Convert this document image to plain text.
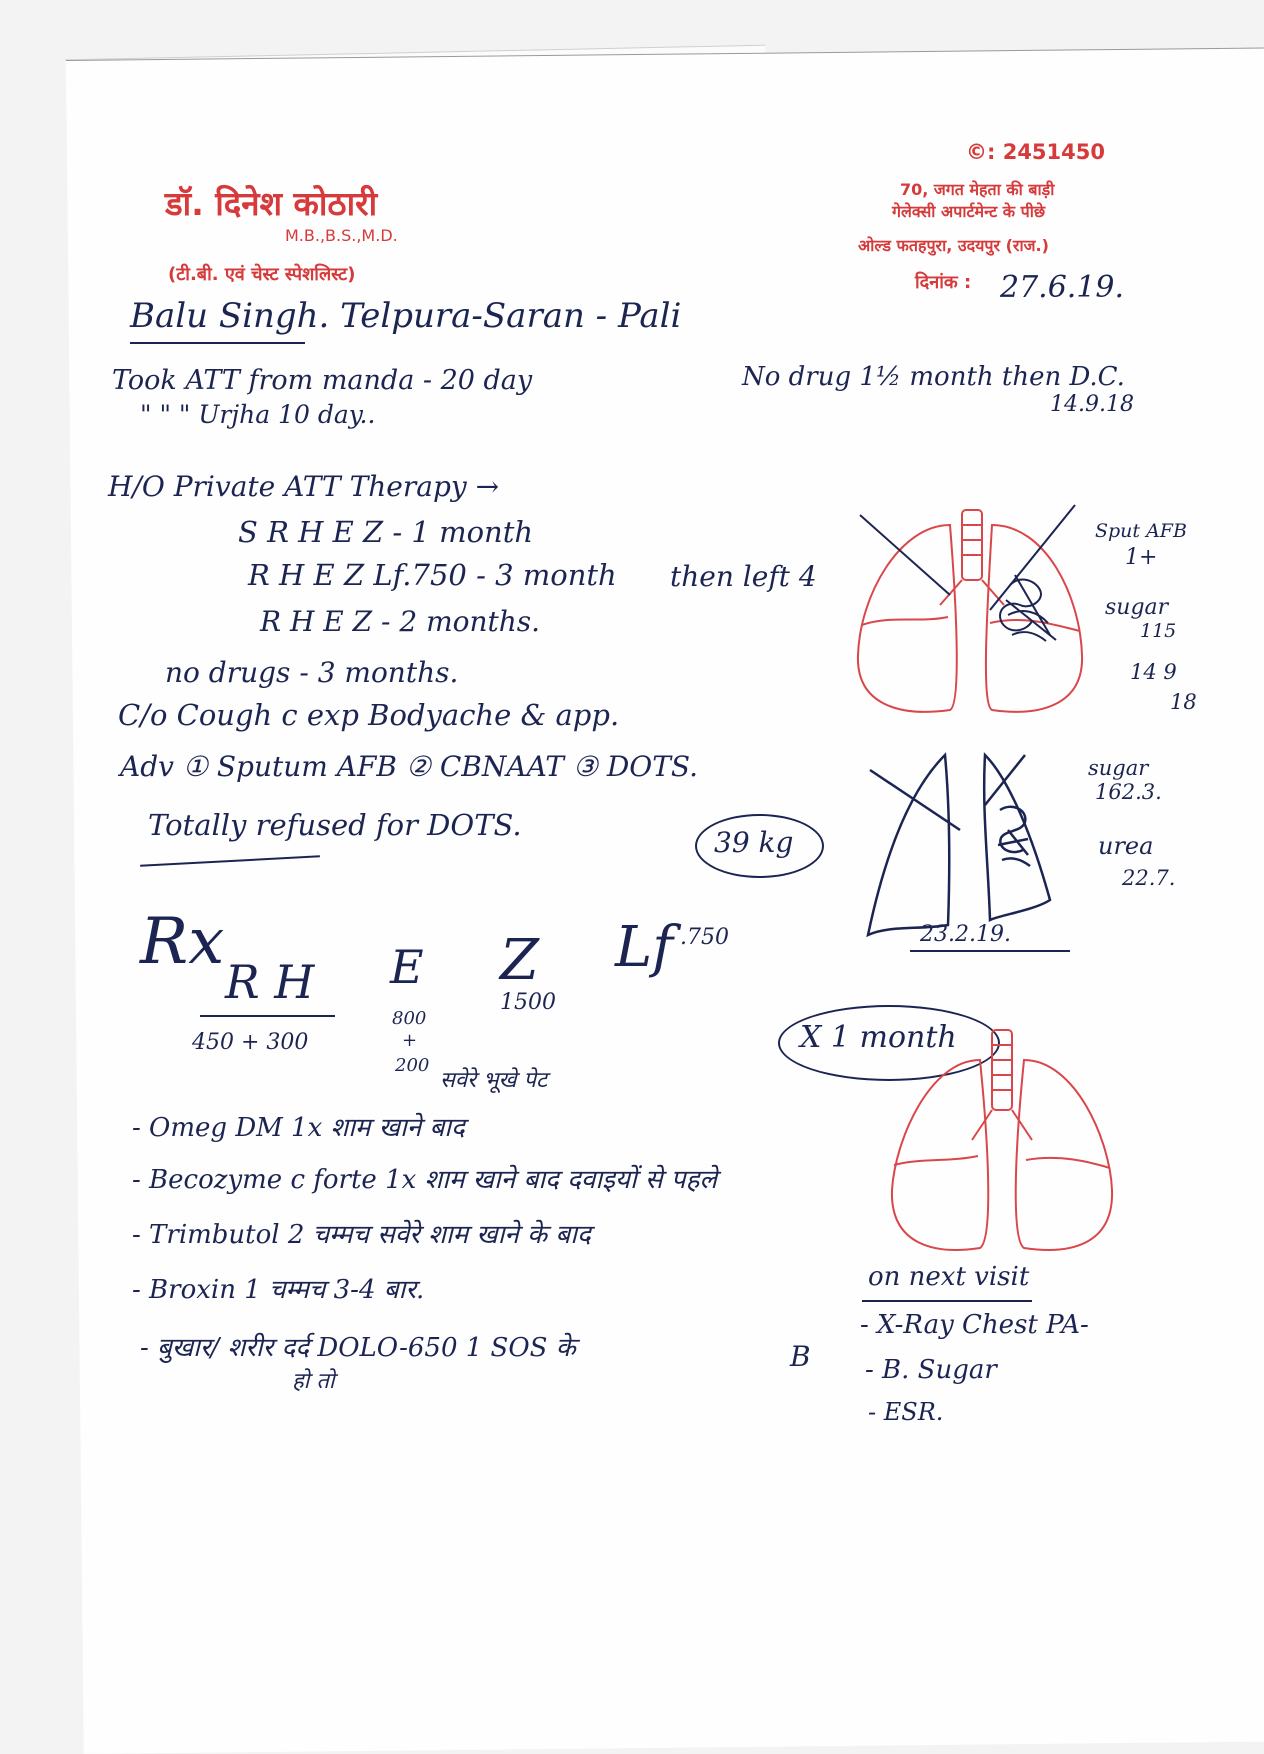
डॉ. दिनेश कोठारी
M.B.,B.S.,M.D.
(टी.बी. एवं चेस्ट स्पेशलिस्ट)
©: 2451450
70, जगत मेहता की बाड़ी
गेलेक्सी अपार्टमेन्ट के पीछे
ओल्ड फतहपुरा, उदयपुर (राज.)
दिनांक : 27.6.19.
Balu Singh. Telpura-Saran - Pali
Took ATT from manda - 20 day
" " " Urjha 10 day..
No drug 1½ month then D.C.
14.9.18
H/O Private ATT Therapy →
S R H E Z - 1 month
R H E Z Lf.750 - 3 month
R H E Z - 2 months.
then left 4
no drugs - 3 months.
C/o Cough c exp Bodyache & app.
Adv ① Sputum AFB ② CBNAAT ③ DOTS.
Totally refused for DOTS.
39 kg
Sput AFB
1+
sugar
115
14 9
18
sugar
162.3.
urea
22.7.
23.2.19.
Rx
R H
450 + 300
E
800
+
200
Z
1500
Lf .750
X 1 month
सवेरे भूखे पेट
- Omeg DM 1x शाम खाने बाद
- Becozyme c forte 1x शाम खाने बाद दवाइयों से पहले
- Trimbutol 2 चम्मच सवेरे शाम खाने के बाद
- Broxin 1 चम्मच 3-4 बार.
- बुखार/ शरीर दर्द DOLO-650 1 SOS के
हो तो
on next visit
B
- X-Ray Chest PA-
- B. Sugar
- ESR.
